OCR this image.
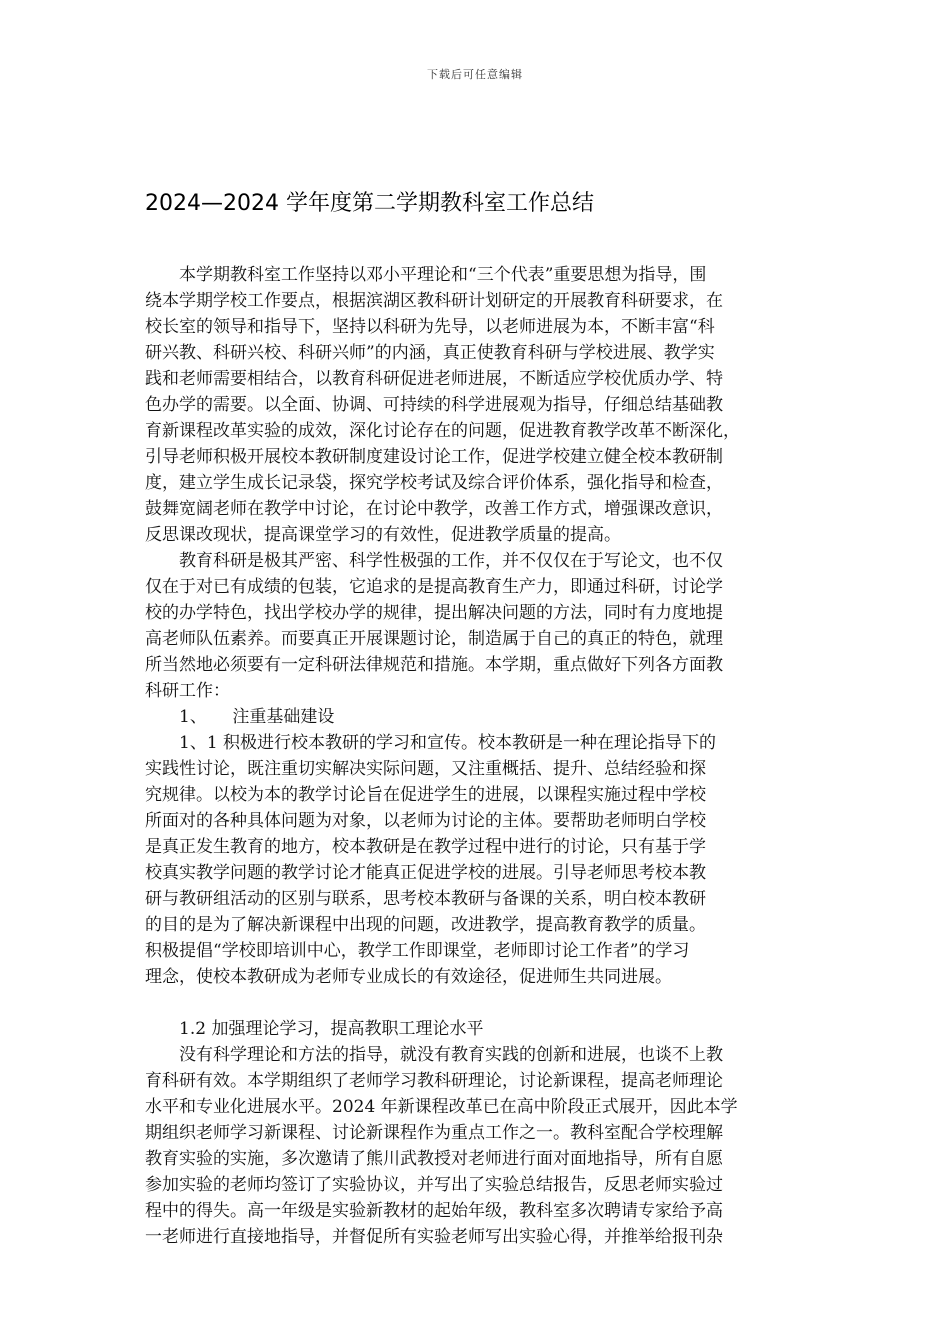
下载后可任意编辑
2024—2024 学年度第二学期教科室工作总结
　　本学期教科室工作坚持以邓小平理论和“三个代表”重要思想为指导，围
绕本学期学校工作要点，根据滨湖区教科研计划研定的开展教育科研要求，在
校长室的领导和指导下，坚持以科研为先导，以老师进展为本，不断丰富“科
研兴教、科研兴校、科研兴师”的内涵，真正使教育科研与学校进展、教学实
践和老师需要相结合，以教育科研促进老师进展，不断适应学校优质办学、特
色办学的需要。以全面、协调、可持续的科学进展观为指导，仔细总结基础教
育新课程改革实验的成效，深化讨论存在的问题，促进教育教学改革不断深化，
引导老师积极开展校本教研制度建设讨论工作，促进学校建立健全校本教研制
度，建立学生成长记录袋，探究学校考试及综合评价体系，强化指导和检查，
鼓舞宽阔老师在教学中讨论，在讨论中教学，改善工作方式，增强课改意识，
反思课改现状，提高课堂学习的有效性，促进教学质量的提高。
　　教育科研是极其严密、科学性极强的工作，并不仅仅在于写论文，也不仅
仅在于对已有成绩的包装，它追求的是提高教育生产力，即通过科研，讨论学
校的办学特色，找出学校办学的规律，提出解决问题的方法，同时有力度地提
高老师队伍素养。而要真正开展课题讨论，制造属于自己的真正的特色，就理
所当然地必须要有一定科研法律规范和措施。本学期，重点做好下列各方面教
科研工作：
　　1、　　注重基础建设
　　1、1 积极进行校本教研的学习和宣传。校本教研是一种在理论指导下的
实践性讨论，既注重切实解决实际问题，又注重概括、提升、总结经验和探
究规律。以校为本的教学讨论旨在促进学生的进展，以课程实施过程中学校
所面对的各种具体问题为对象，以老师为讨论的主体。要帮助老师明白学校
是真正发生教育的地方，校本教研是在教学过程中进行的讨论，只有基于学
校真实教学问题的教学讨论才能真正促进学校的进展。引导老师思考校本教
研与教研组活动的区别与联系，思考校本教研与备课的关系，明白校本教研
的目的是为了解决新课程中出现的问题，改进教学，提高教育教学的质量。
积极提倡“学校即培训中心，教学工作即课堂，老师即讨论工作者”的学习
理念，使校本教研成为老师专业成长的有效途径，促进师生共同进展。
　　1.2 加强理论学习，提高教职工理论水平
　　没有科学理论和方法的指导，就没有教育实践的创新和进展，也谈不上教
育科研有效。本学期组织了老师学习教科研理论，讨论新课程，提高老师理论
水平和专业化进展水平。2024 年新课程改革已在高中阶段正式展开，因此本学
期组织老师学习新课程、讨论新课程作为重点工作之一。教科室配合学校理解
教育实验的实施，多次邀请了熊川武教授对老师进行面对面地指导，所有自愿
参加实验的老师均签订了实验协议，并写出了实验总结报告，反思老师实验过
程中的得失。高一年级是实验新教材的起始年级，教科室多次聘请专家给予高
一老师进行直接地指导，并督促所有实验老师写出实验心得，并推举给报刊杂
